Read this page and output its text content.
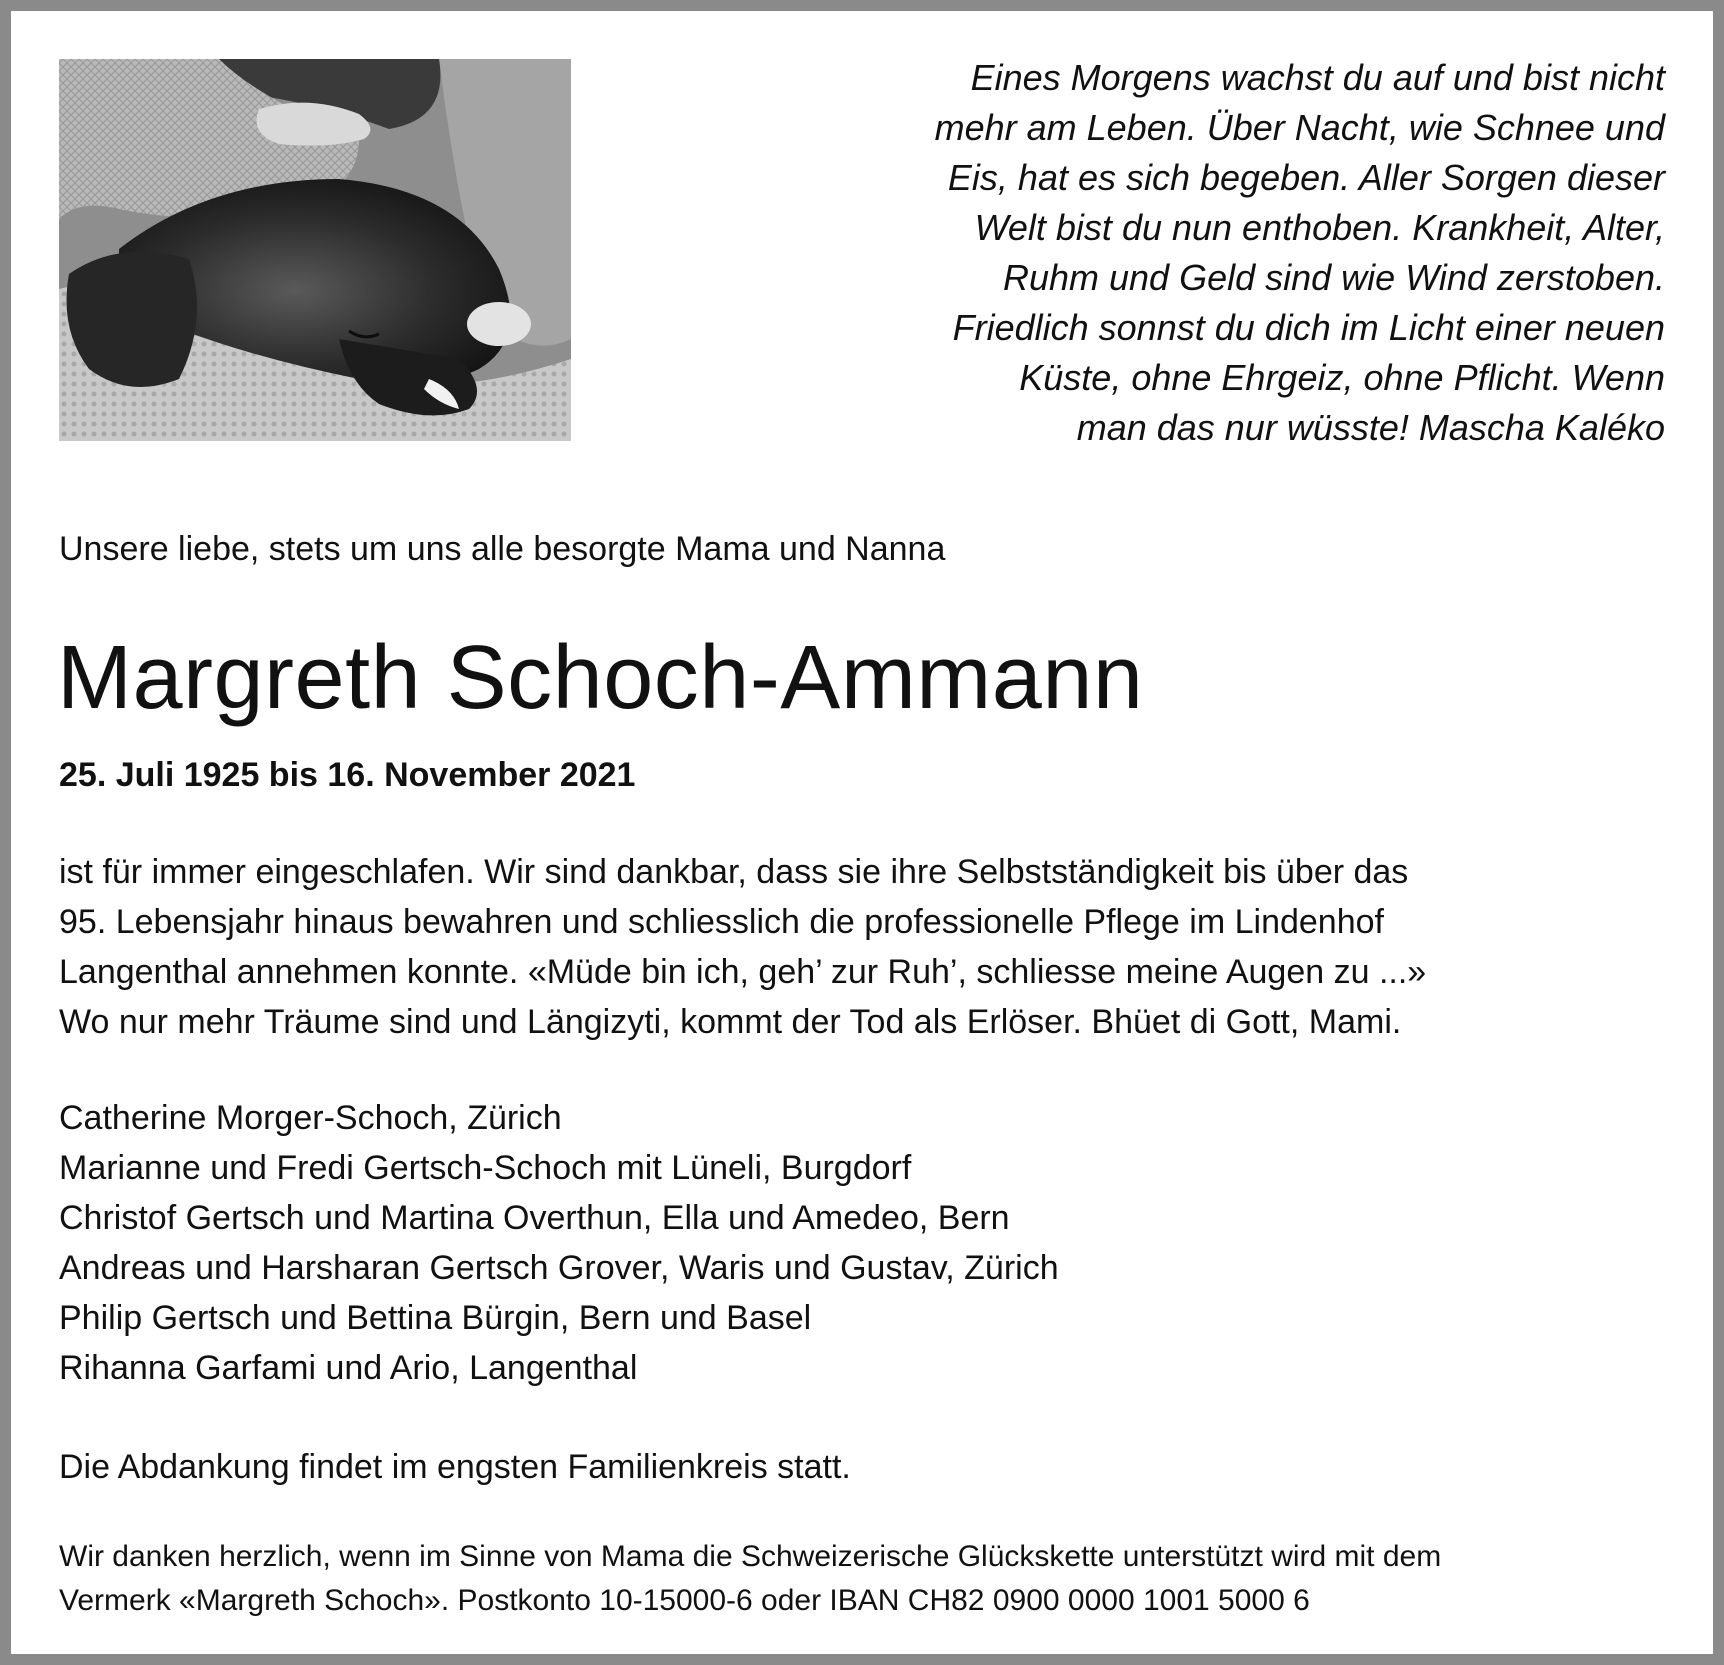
Eines Morgens wachst du auf und bist nicht
mehr am Leben. Über Nacht, wie Schnee und
Eis, hat es sich begeben. Aller Sorgen dieser
Welt bist du nun enthoben. Krankheit, Alter,
Ruhm und Geld sind wie Wind zerstoben.
Friedlich sonnst du dich im Licht einer neuen
Küste, ohne Ehrgeiz, ohne Pflicht. Wenn
man das nur wüsste! Mascha Kaléko
Unsere liebe, stets um uns alle besorgte Mama und Nanna
Margreth Schoch-Ammann
25. Juli 1925 bis 16. November 2021
ist für immer eingeschlafen. Wir sind dankbar, dass sie ihre Selbstständigkeit bis über das
95. Lebensjahr hinaus bewahren und schliesslich die professionelle Pflege im Lindenhof
Langenthal annehmen konnte. «Müde bin ich, geh’ zur Ruh’, schliesse meine Augen zu ...»
Wo nur mehr Träume sind und Längizyti, kommt der Tod als Erlöser. Bhüet di Gott, Mami.
Catherine Morger-Schoch, Zürich
Marianne und Fredi Gertsch-Schoch mit Lüneli, Burgdorf
Christof Gertsch und Martina Overthun, Ella und Amedeo, Bern
Andreas und Harsharan Gertsch Grover, Waris und Gustav, Zürich
Philip Gertsch und Bettina Bürgin, Bern und Basel
Rihanna Garfami und Ario, Langenthal
Die Abdankung findet im engsten Familienkreis statt.
Wir danken herzlich, wenn im Sinne von Mama die Schweizerische Glückskette unterstützt wird mit dem
Vermerk «Margreth Schoch». Postkonto 10-15000-6 oder IBAN CH82 0900 0000 1001 5000 6
